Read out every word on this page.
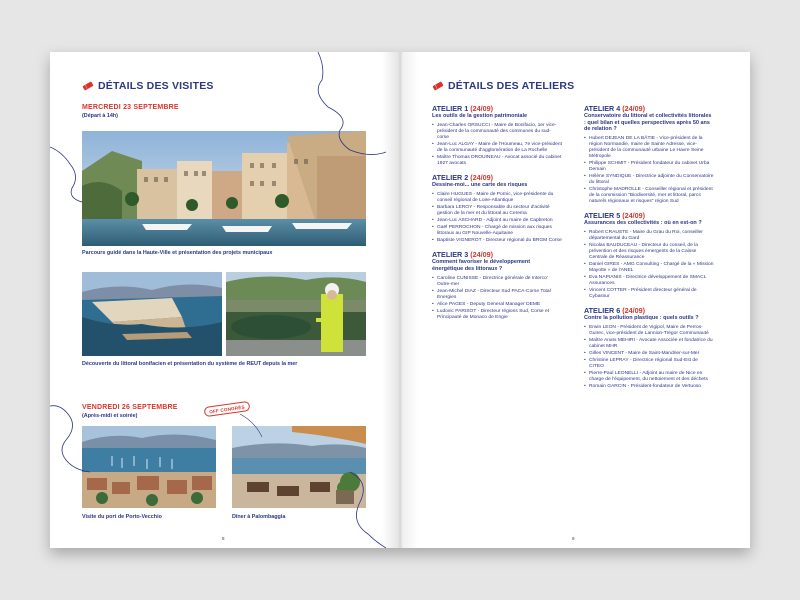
DÉTAILS DES VISITES
MERCREDI 23 SEPTEMBRE
(Départ à 14h)
Parcours guidé dans la Haute-Ville et présentation des projets municipaux
Découverte du littoral bonifacien et présentation du système de REUT depuis la mer
VENDREDI 26 SEPTEMBRE
(Après-midi et soirée)
OFF CONGRÈS
Visite du port de Porto-Vecchio	Dîner à Palombaggia
8
DÉTAILS DES ATELIERS
ATELIER 1 (24/09)
Les outils de la gestion patrimoniale
• Jean-Charles ORSUCCI - Maire de Bonifacio, 1er vice-président de la communauté des communes du sud-corse
• Jean-Luc ALGAY - Maire de l'Houmeau, 7e vice-président de la communauté d'agglomération de La Rochelle
• Maître Thomas DROUINEAU - Avocat associé du cabinet 1927 avocats
ATELIER 2 (24/09)
Dessine-moi... une carte des risques
• Claire HUGUES - Maire de Pornic, vice-présidente du conseil régional de Loire-Atlantique
• Barbara LEROY - Responsable du secteur d'activité gestion de la mer et du littoral au Cerema
• Jean-Luc ASCHARD - Adjoint au maire de Capbreton
• Gaël PERROCHON - Chargé de mission aux risques littoraux au GIP Nouvelle-Aquitaine
• Baptiste VIGNEROT - Directeur régional du BRGM Corse
ATELIER 3 (24/09)
Comment favoriser le développement énergétique des littoraux ?
• Caroline CUNISSE - Directrice générale de Interco' Outre-mer
• Jean-Michel DIAZ - Directeur Sud PACA-Corse Total Energies
• Alice PAGES - Deputy General Manager DEME
• Ludovic PARISOT - Directeur régions Sud, Corse et Principauté de Monaco de Engie
ATELIER 4 (24/09)
Conservatoire du littoral et collectivités littorales : quel bilan et quelles perspectives après 50 ans de relation ?
• Hubert DEJEAN DE LA BÂTIE - Vice-président de la région Normandie, maire de Sainte Adresse, vice-président de la communauté urbaine Le Havre Seine Métropole
• Philippe SCHMIT - Président fondateur du cabinet Urba Demain
• Hélène SYNDIQUE - Directrice adjointe du Conservatoire du littoral
• Christophe MADROLLE - Conseiller régional et président de la commission "Biodiversité, mer et littoral, parcs naturels régionaux et risques" région Sud
ATELIER 5 (24/09)
Assurances des collectivités : où en est-on ?
• Robert CRAUSTE - Maire du Grau du Roi, conseiller départemental du Gard
• Nicolas BAUDUCEAU - Directeur du conseil, de la prévention et des risques émergents de la Caisse Centrale de Réassurance
• Daniel GIRES - AMG Consulting - Chargé de la « Mission Mayotte » de l'ANEL
• Eva NAPIANIS - Directrice développement de SMACL Assurances
• Vincent COTTER - Président directeur général de Cybassur
ATELIER 6 (24/09)
Contre la pollution plastique : quels outils ?
• Erwin LEON - Président de Vigipol, Maire de Perros-Guirec, vice-président de Lannion-Trégor Communauté
• Maître Anaïs MEHIRI - Avocate Associée et fondatrice du cabinet MHR
• Gilles VINCENT - Maire de Saint-Mandrier-sur-Mer
• Christine LEPRAY - Directrice régional Sud-Est de CITEO
• Pierre-Paul LEONELLI - Adjoint au maire de Nice en charge de l'équipement, du nettoiement et des déchets
• Romain GARCIN - Président-fondateur de Vertuoso
9
